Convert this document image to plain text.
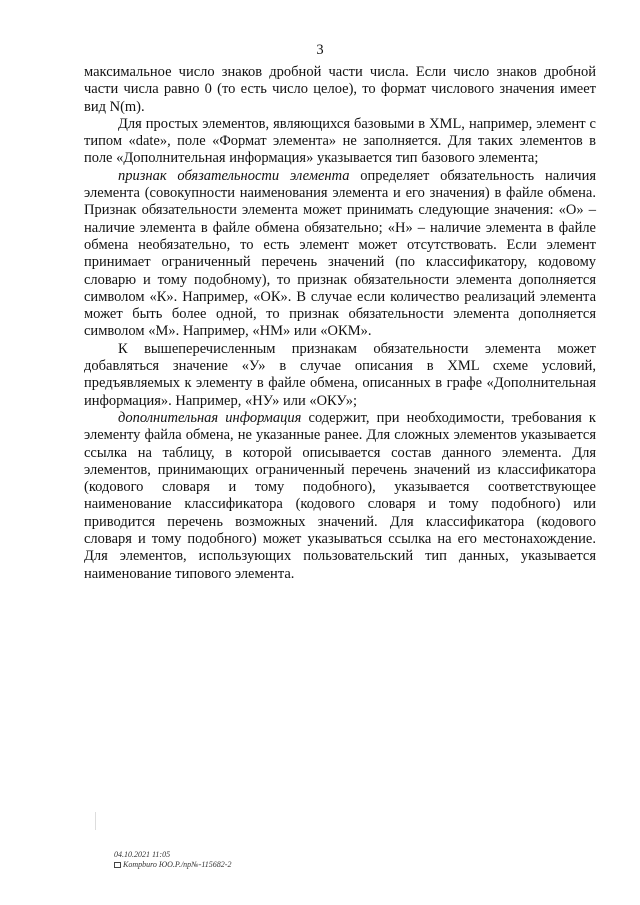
3

максимальное число знаков дробной части числа. Если число знаков дробной части числа равно 0 (то есть число целое), то формат числового значения имеет вид N(m).

Для простых элементов, являющихся базовыми в XML, например, элемент с типом «date», поле «Формат элемента» не заполняется. Для таких элементов в поле «Дополнительная информация» указывается тип базового элемента;

признак обязательности элемента определяет обязательность наличия элемента (совокупности наименования элемента и его значения) в файле обмена. Признак обязательности элемента может принимать следующие значения: «О» – наличие элемента в файле обмена обязательно; «Н» – наличие элемента в файле обмена необязательно, то есть элемент может отсутствовать. Если элемент принимает ограниченный перечень значений (по классификатору, кодовому словарю и тому подобному), то признак обязательности элемента дополняется символом «К». Например, «ОК». В случае если количество реализаций элемента может быть более одной, то признак обязательности элемента дополняется символом «М». Например, «НМ» или «ОКМ».

К вышеперечисленным признакам обязательности элемента может добавляться значение «У» в случае описания в XML схеме условий, предъявляемых к элементу в файле обмена, описанных в графе «Дополнительная информация». Например, «НУ» или «ОКУ»;

дополнительная информация содержит, при необходимости, требования к элементу файла обмена, не указанные ранее. Для сложных элементов указывается ссылка на таблицу, в которой описывается состав данного элемента. Для элементов, принимающих ограниченный перечень значений из классификатора (кодового словаря и тому подобного), указывается соответствующее наименование классификатора (кодового словаря и тому подобного) или приводится перечень возможных значений. Для классификатора (кодового словаря и тому подобного) может указываться ссылка на его местонахождение. Для элементов, использующих пользовательский тип данных, указывается наименование типового элемента.

04.10.2021 11:05
Kompburo ЮО.Р./пр№-115682-2
